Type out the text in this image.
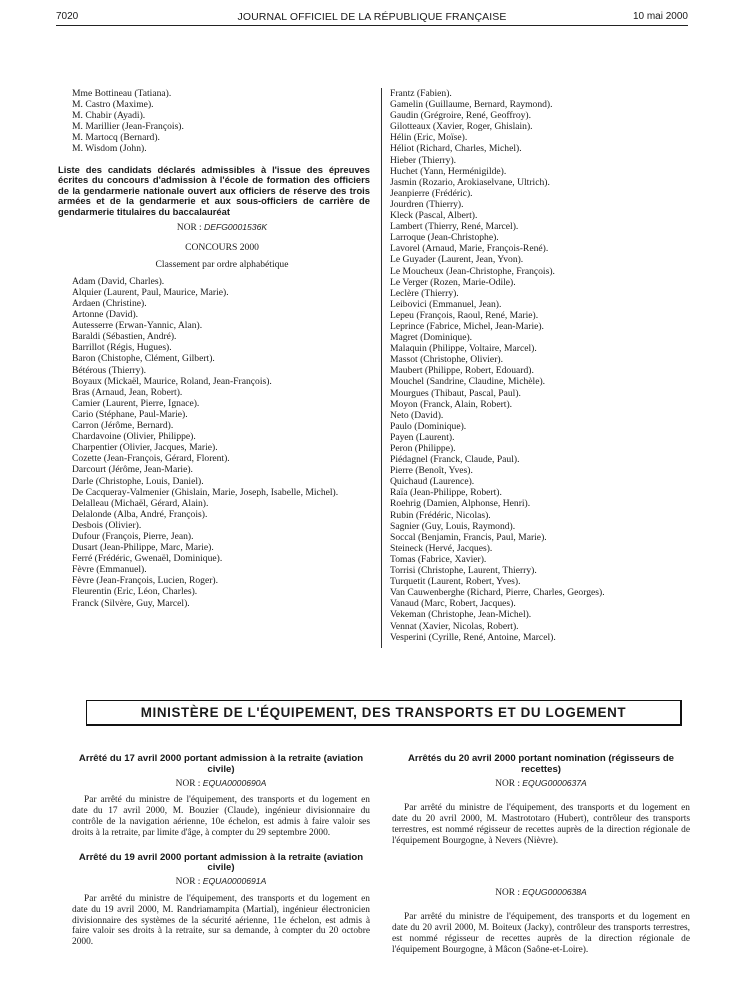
7020	JOURNAL OFFICIEL DE LA RÉPUBLIQUE FRANÇAISE	10 mai 2000

Mme Bottineau (Tatiana).

M. Castro (Maxime).

M. Chabir (Ayadi).

M. Marillier (Jean-François).

M. Martocq (Bernard).

M. Wisdom (John).

Liste des candidats déclarés admissibles à l'issue des épreuves écrites du concours d'admission à l'école de formation des officiers de la gendarmerie nationale ouvert aux officiers de réserve des trois armées et de la gendarmerie et aux sous-officiers de carrière de gendarmerie titulaires du baccalauréat
NOR : DEFG0001536K
CONCOURS 2000
Classement par ordre alphabétique

Adam (David, Charles).

Alquier (Laurent, Paul, Maurice, Marie).

Ardaen (Christine).

Artonne (David).

Autesserre (Erwan-Yannic, Alan).

Baraldi (Sébastien, André).

Barrillot (Régis, Hugues).

Baron (Chistophe, Clément, Gilbert).

Bétérous (Thierry).

Boyaux (Mickaël, Maurice, Roland, Jean-François).

Bras (Arnaud, Jean, Robert).

Camier (Laurent, Pierre, Ignace).

Cario (Stéphane, Paul-Marie).

Carron (Jérôme, Bernard).

Chardavoine (Olivier, Philippe).

Charpentier (Olivier, Jacques, Marie).

Cozette (Jean-François, Gérard, Florent).

Darcourt (Jérôme, Jean-Marie).

Darle (Christophe, Louis, Daniel).

De Cacqueray-Valmenier (Ghislain, Marie, Joseph, Isabelle, Michel).

Delalleau (Michaël, Gérard, Alain).

Delalonde (Alba, André, François).

Desbois (Olivier).

Dufour (François, Pierre, Jean).

Dusart (Jean-Philippe, Marc, Marie).

Ferré (Frédéric, Gwenaël, Dominique).

Fèvre (Emmanuel).

Fèvre (Jean-François, Lucien, Roger).

Fleurentin (Eric, Léon, Charles).

Franck (Silvère, Guy, Marcel).

Frantz (Fabien).

Gamelin (Guillaume, Bernard, Raymond).

Gaudin (Grégroire, René, Geoffroy).

Gilotteaux (Xavier, Roger, Ghislain).

Hélin (Eric, Moïse).

Héliot (Richard, Charles, Michel).

Hieber (Thierry).

Huchet (Yann, Herménigilde).

Jasmin (Rozario, Arokiaselvane, Ultrich).

Jeanpierre (Frédéric).

Jourdren (Thierry).

Kleck (Pascal, Albert).

Lambert (Thierry, René, Marcel).

Larroque (Jean-Christophe).

Lavorel (Arnaud, Marie, François-René).

Le Guyader (Laurent, Jean, Yvon).

Le Moucheux (Jean-Christophe, François).

Le Verger (Rozen, Marie-Odile).

Leclère (Thierry).

Leibovici (Emmanuel, Jean).

Lepeu (François, Raoul, René, Marie).

Leprince (Fabrice, Michel, Jean-Marie).

Magret (Dominique).

Malaquin (Philippe, Voltaire, Marcel).

Massot (Christophe, Olivier).

Maubert (Philippe, Robert, Edouard).

Mouchel (Sandrine, Claudine, Michèle).

Mourgues (Thibaut, Pascal, Paul).

Moyon (Franck, Alain, Robert).

Neto (David).

Paulo (Dominique).

Payen (Laurent).

Peron (Philippe).

Piédagnel (Franck, Claude, Paul).

Pierre (Benoît, Yves).

Quichaud (Laurence).

Raïa (Jean-Philippe, Robert).

Roehrig (Damien, Alphonse, Henri).

Rubin (Frédéric, Nicolas).

Sagnier (Guy, Louis, Raymond).

Soccal (Benjamin, Francis, Paul, Marie).

Steineck (Hervé, Jacques).

Tomas (Fabrice, Xavier).

Torrisi (Christophe, Laurent, Thierry).

Turquetit (Laurent, Robert, Yves).

Van Cauwenberghe (Richard, Pierre, Charles, Georges).

Vanaud (Marc, Robert, Jacques).

Vekeman (Christophe, Jean-Michel).

Vennat (Xavier, Nicolas, Robert).

Vesperini (Cyrille, René, Antoine, Marcel).

MINISTÈRE DE L'ÉQUIPEMENT, DES TRANSPORTS ET DU LOGEMENT
Arrêté du 17 avril 2000 portant admission à la retraite (aviation civile)
NOR : EQUA0000690A

Par arrêté du ministre de l'équipement, des transports et du logement en date du 17 avril 2000, M. Bouzier (Claude), ingénieur divisionnaire du contrôle de la navigation aérienne, 10e échelon, est admis à faire valoir ses droits à la retraite, par limite d'âge, à compter du 29 septembre 2000.

Arrêté du 19 avril 2000 portant admission à la retraite (aviation civile)
NOR : EQUA0000691A

Par arrêté du ministre de l'équipement, des transports et du logement en date du 19 avril 2000, M. Randriamampita (Martial), ingénieur électronicien divisionnaire des systèmes de la sécurité aérienne, 11e échelon, est admis à faire valoir ses droits à la retraite, sur sa demande, à compter du 20 octobre 2000.

Arrêtés du 20 avril 2000 portant nomination (régisseurs de recettes)
NOR : EQUG0000637A

Par arrêté du ministre de l'équipement, des transports et du logement en date du 20 avril 2000, M. Mastrototaro (Hubert), contrôleur des transports terrestres, est nommé régisseur de recettes auprès de la direction régionale de l'équipement Bourgogne, à Nevers (Nièvre).

NOR : EQUG0000638A

Par arrêté du ministre de l'équipement, des transports et du logement en date du 20 avril 2000, M. Boiteux (Jacky), contrôleur des transports terrestres, est nommé régisseur de recettes auprès de la direction régionale de l'équipement Bourgogne, à Mâcon (Saône-et-Loire).
